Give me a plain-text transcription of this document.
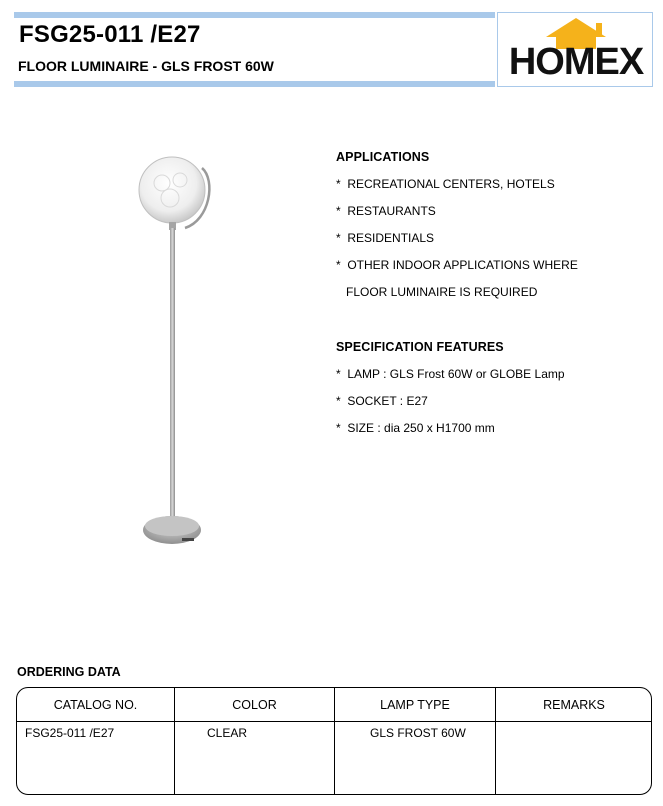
FSG25-011 /E27
FLOOR LUMINAIRE - GLS FROST 60W	HOMEX
APPLICATIONS
*  RECREATIONAL CENTERS, HOTELS
*  RESTAURANTS
*  RESIDENTIALS
*  OTHER INDOOR APPLICATIONS WHERE
FLOOR LUMINAIRE IS REQUIRED
SPECIFICATION FEATURES
*  LAMP : GLS Frost 60W or GLOBE Lamp
*  SOCKET : E27
*  SIZE : dia 250 x H1700 mm
ORDERING DATA
CATALOG NO.	COLOR	LAMP TYPE	REMARKS
FSG25-011 /E27	CLEAR	GLS FROST 60W
